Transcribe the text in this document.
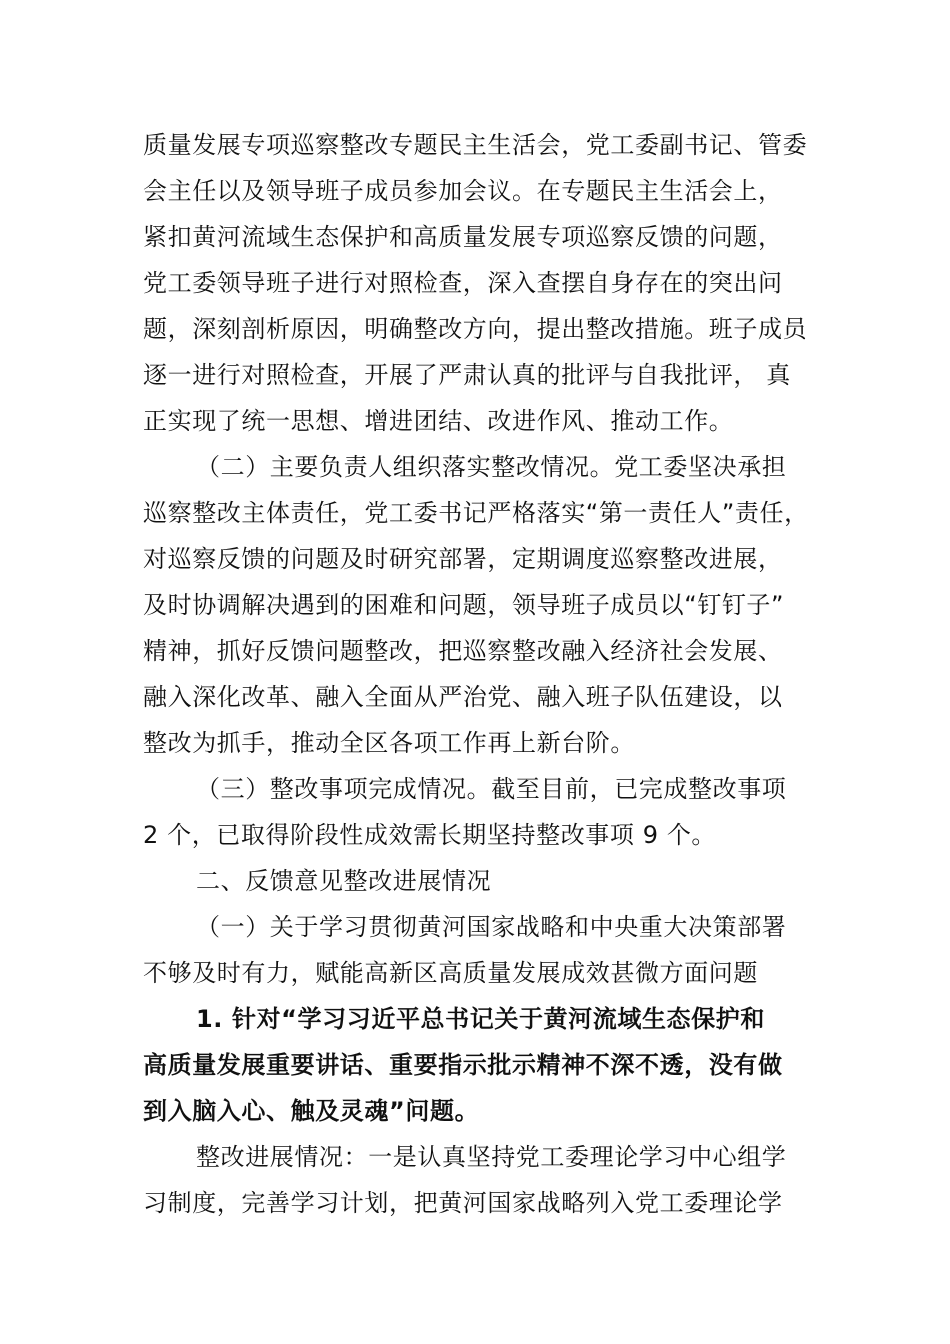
质量发展专项巡察整改专题民主生活会，党工委副书记、管委
会主任以及领导班子成员参加会议。在专题民主生活会上，
紧扣黄河流域生态保护和高质量发展专项巡察反馈的问题，
党工委领导班子进行对照检查，深入查摆自身存在的突出问
题，深刻剖析原因，明确整改方向，提出整改措施。班子成员
逐一进行对照检查，开展了严肃认真的批评与自我批评， 真
正实现了统一思想、增进团结、改进作风、推动工作。
（二）主要负责人组织落实整改情况。党工委坚决承担
巡察整改主体责任，党工委书记严格落实“第一责任人”责任，
对巡察反馈的问题及时研究部署，定期调度巡察整改进展，
及时协调解决遇到的困难和问题，领导班子成员以“钉钉子”
精神，抓好反馈问题整改，把巡察整改融入经济社会发展、
融入深化改革、融入全面从严治党、融入班子队伍建设，以
整改为抓手，推动全区各项工作再上新台阶。
（三）整改事项完成情况。截至目前，已完成整改事项
2 个，已取得阶段性成效需长期坚持整改事项 9 个。
二、反馈意见整改进展情况
（一）关于学习贯彻黄河国家战略和中央重大决策部署
不够及时有力，赋能高新区高质量发展成效甚微方面问题
1. 针对“学习习近平总书记关于黄河流域生态保护和
高质量发展重要讲话、重要指示批示精神不深不透，没有做
到入脑入心、触及灵魂”问题。
整改进展情况：一是认真坚持党工委理论学习中心组学
习制度，完善学习计划，把黄河国家战略列入党工委理论学
